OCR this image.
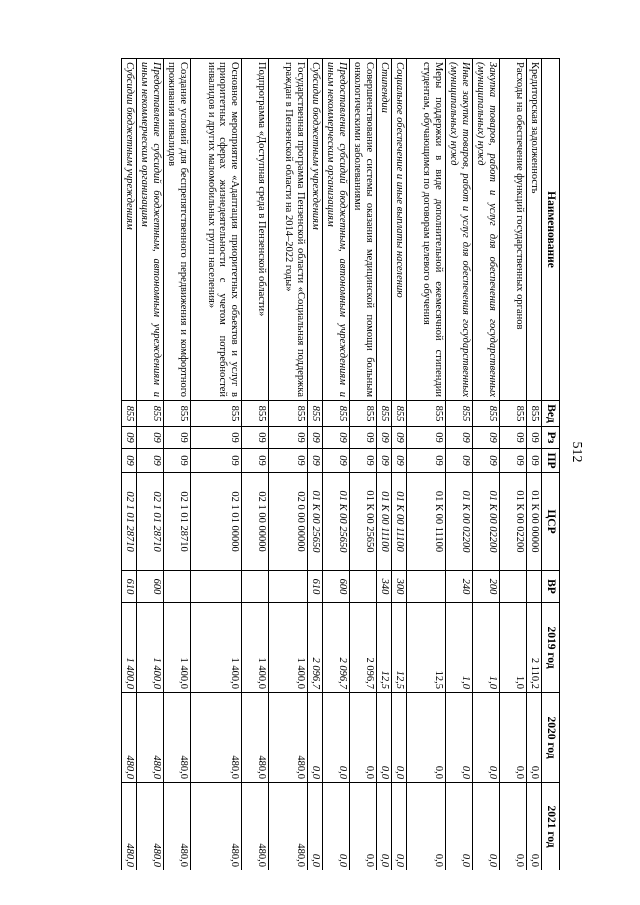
512
Наименование	Вед	Рз	ПР	ЦСР	ВР	2019 год	2020 год	2021 год
Кредиторская задолженность	855	09	09	01 К 00 00000		2 110,2	0,0	0,0
Расходы на обеспечение функций государственных органов	855	09	09	01 К 00 02200		1,0	0,0	0,0
Закупка товаров, работ и услуг для обеспечения государственных (муниципальных) нужд	855	09	09	01 К 00 02200	200	1,0	0,0	0,0
Иные закупки товаров, работ и услуг для обеспечения государственных (муниципальных) нужд	855	09	09	01 К 00 02200	240	1,0	0,0	0,0
Меры поддержки в виде дополнительной ежемесячной стипендии студентам, обучающимся по договорам целевого обучения	855	09	09	01 К 00 11100		12,5	0,0	0,0
Социальное обеспечение и иные выплаты населению	855	09	09	01 К 00 11100	300	12,5	0,0	0,0
Стипендии	855	09	09	01 К 00 11100	340	12,5	0,0	0,0
Совершенствование системы оказания медицинской помощи больным онкологическими заболеваниями	855	09	09	01 К 00 25650		2 096,7	0,0	0,0
Предоставление субсидий бюджетным, автономным учреждениям и иным некоммерческим организациям	855	09	09	01 К 00 25650	600	2 096,7	0,0	0,0
Субсидии бюджетным учреждениям	855	09	09	01 К 00 25650	610	2 096,7	0,0	0,0
Государственная программа Пензенской области «Социальная поддержка граждан в Пензенской области на 2014–2022 годы»	855	09	09	02 0 00 00000		1 400,0	480,0	480,0
Подпрограмма «Доступная среда в Пензенской области»	855	09	09	02 1 00 00000		1 400,0	480,0	480,0
Основное мероприятие «Адаптация приоритетных объектов и услуг в приоритетных сферах жизнедеятельности с учетом потребностей инвалидов и других маломобильных групп населения»	855	09	09	02 1 01 00000		1 400,0	480,0	480,0
Создание условий для беспрепятственного передвижения и комфортного проживания инвалидов	855	09	09	02 1 01 28710		1 400,0	480,0	480,0
Предоставление субсидий бюджетным, автономным учреждениям и иным некоммерческим организациям	855	09	09	02 1 01 28710	600	1 400,0	480,0	480,0
Субсидии бюджетным учреждениям	855	09	09	02 1 01 28710	610	1 400,0	480,0	480,0
